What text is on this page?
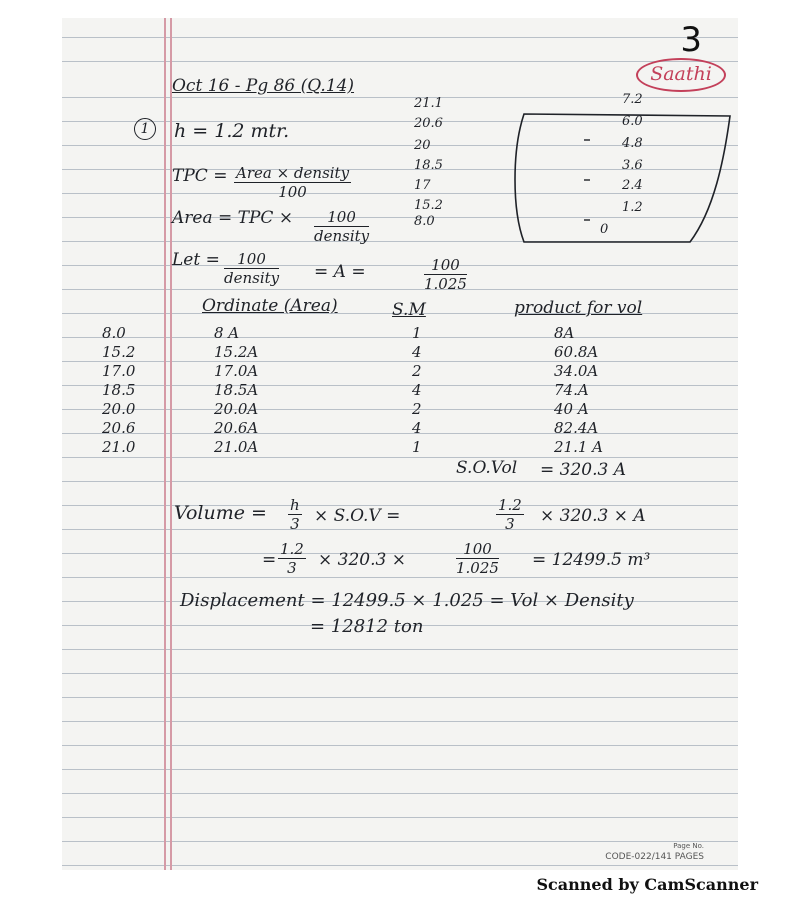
3
Saathi
Oct 16 - Pg 86 (Q.14)
1	h = 1.2 mtr.
21.1
20.6
20
18.5
17
15.2
8.0
7.2
6.0
4.8
3.6
2.4
1.2
0
TPC = Area × density
100
Area = TPC ×	100
density
Let =	100
density = A =	$\frac{100}{1.025}$
Ordinate (Area)	S.M	product for vol
8.0	8 A	1	8A
15.2	15.2A	4	60.8A
17.0	17.0A	2	34.0A
18.5	18.5A	4	74.A
20.0	20.0A	2	40 A
20.6	20.6A	4	82.4A
21.0	21.0A	1	21.1 A
S.O.Vol = 320.3 A
Volume = $\frac{h}{3} \times S.O.V$ =	$\frac{1.2}{3} \times 320.3 \times A$
= $\frac{1.2}{3} \times 320.3$ ×	$\frac{100}{1.025} = 12499.5$ m³
Displacement = 12499.5 × 1.025 = Vol × Density
= 12812 ton
Page No.
CODE-022/141 PAGES
Scanned by CamScanner
